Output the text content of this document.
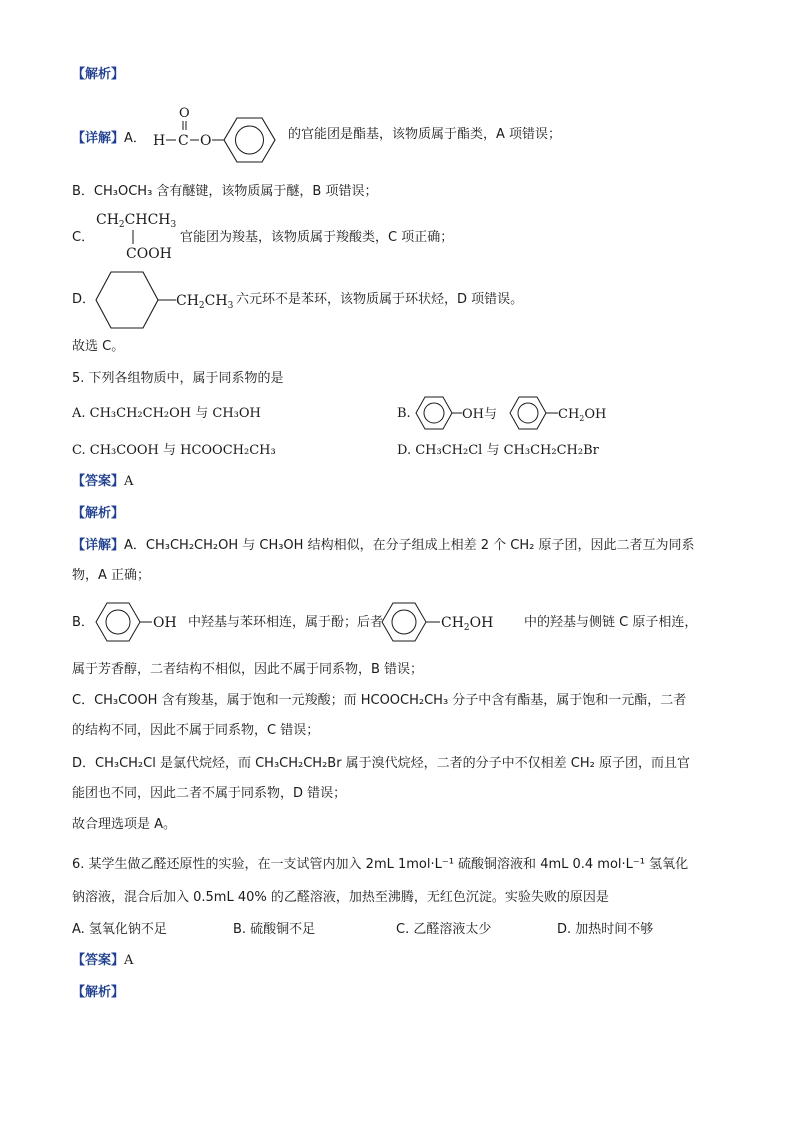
【解析】
【详解】A．
O
H C O	的官能团是酯基，该物质属于酯类，A 项错误；
B．CH₃OCH₃ 含有醚键，该物质属于醚，B 项错误；
C．
$CH_2CHCH_3$
COOH
官能团为羧基，该物质属于羧酸类，C 项正确；
D．	$CH_2CH_3$ 六元环不是苯环，该物质属于环状烃，D 项错误。
故选 C。
5. 下列各组物质中，属于同系物的是
A. CH₃CH₂CH₂OH 与 CH₃OH	B.	OH 与	$CH_2OH$
C. CH₃COOH 与 HCOOCH₂CH₃	D. CH₃CH₂Cl 与 CH₃CH₂CH₂Br
【答案】A
【解析】
【详解】A．CH₃CH₂CH₂OH 与 CH₃OH 结构相似，在分子组成上相差 2 个 CH₂ 原子团，因此二者互为同系
物，A 正确；
B．	OH 中羟基与苯环相连，属于酚；后者	$CH_2OH$ 中的羟基与侧链 C 原子相连，
属于芳香醇，二者结构不相似，因此不属于同系物，B 错误；
C．CH₃COOH 含有羧基，属于饱和一元羧酸；而 HCOOCH₂CH₃ 分子中含有酯基，属于饱和一元酯，二者
的结构不同，因此不属于同系物，C 错误；
D．CH₃CH₂Cl 是氯代烷烃，而 CH₃CH₂CH₂Br 属于溴代烷烃，二者的分子中不仅相差 CH₂ 原子团，而且官
能团也不同，因此二者不属于同系物，D 错误；
故合理选项是 A。
6. 某学生做乙醛还原性的实验，在一支试管内加入 2mL 1mol·L⁻¹ 硫酸铜溶液和 4mL 0.4 mol·L⁻¹ 氢氧化
钠溶液，混合后加入 0.5mL 40% 的乙醛溶液，加热至沸腾，无红色沉淀。实验失败的原因是
A. 氢氧化钠不足	B. 硫酸铜不足	C. 乙醛溶液太少	D. 加热时间不够
【答案】A
【解析】
